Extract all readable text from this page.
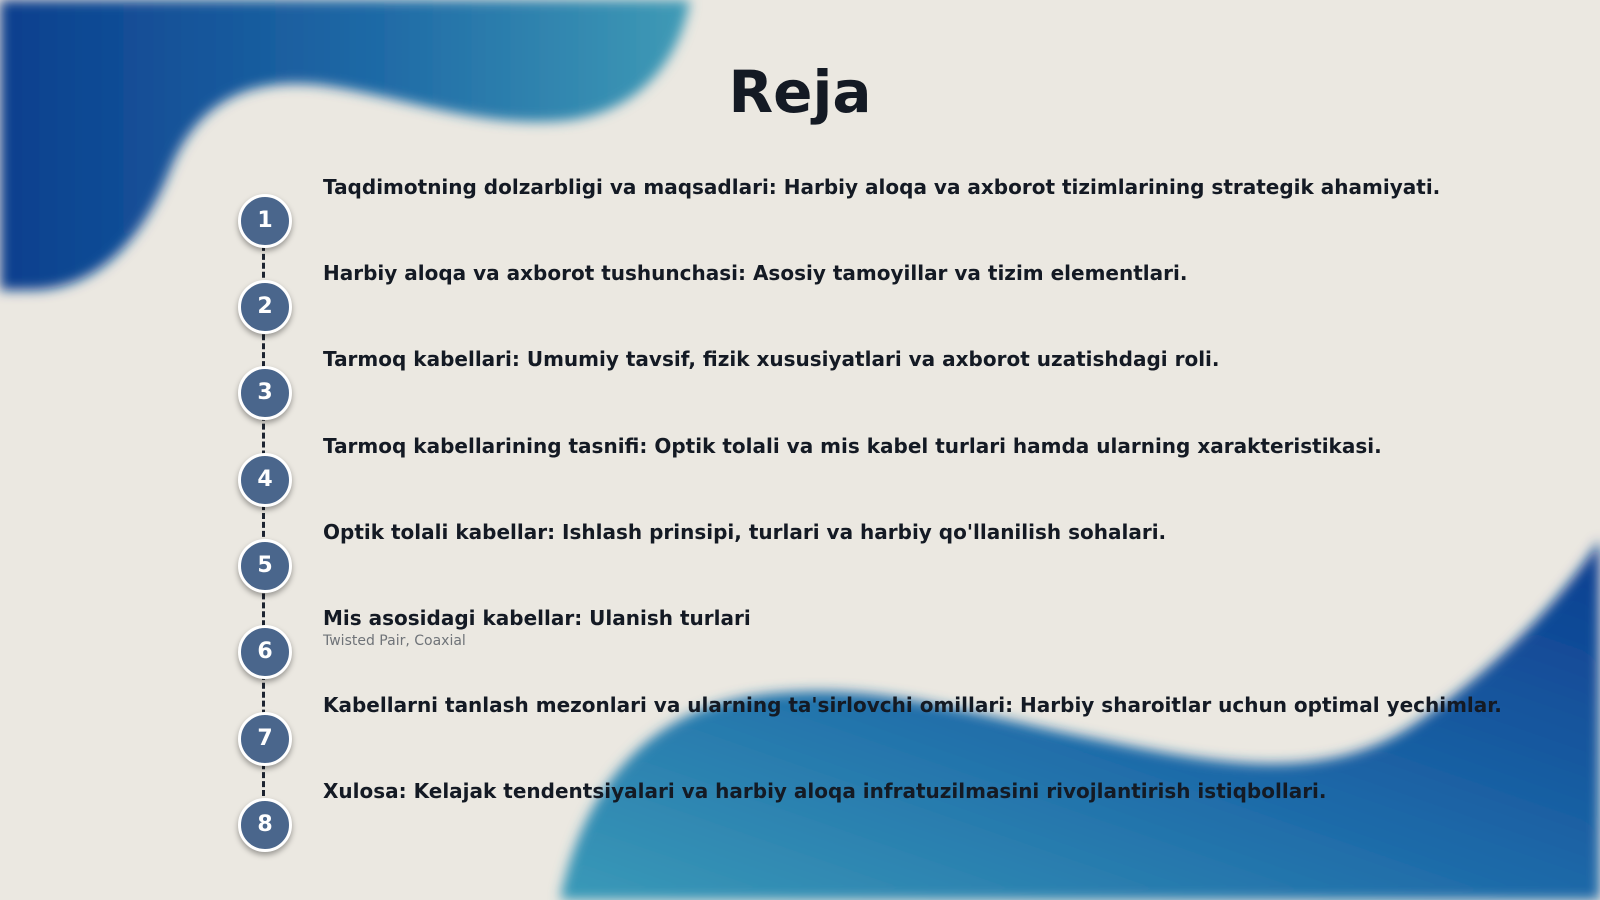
Reja
1
Taqdimotning dolzarbligi va maqsadlari: Harbiy aloqa va axborot tizimlarining strategik ahamiyati.
2
Harbiy aloqa va axborot tushunchasi: Asosiy tamoyillar va tizim elementlari.
3
Tarmoq kabellari: Umumiy tavsif, fizik xususiyatlari va axborot uzatishdagi roli.
4
Tarmoq kabellarining tasnifi: Optik tolali va mis kabel turlari hamda ularning xarakteristikasi.
5
Optik tolali kabellar: Ishlash prinsipi, turlari va harbiy qo'llanilish sohalari.
6
Mis asosidagi kabellar: Ulanish turlari
Twisted Pair, Coaxial
7
Kabellarni tanlash mezonlari va ularning ta'sirlovchi omillari: Harbiy sharoitlar uchun optimal yechimlar.
8
Xulosa: Kelajak tendentsiyalari va harbiy aloqa infratuzilmasini rivojlantirish istiqbollari.
